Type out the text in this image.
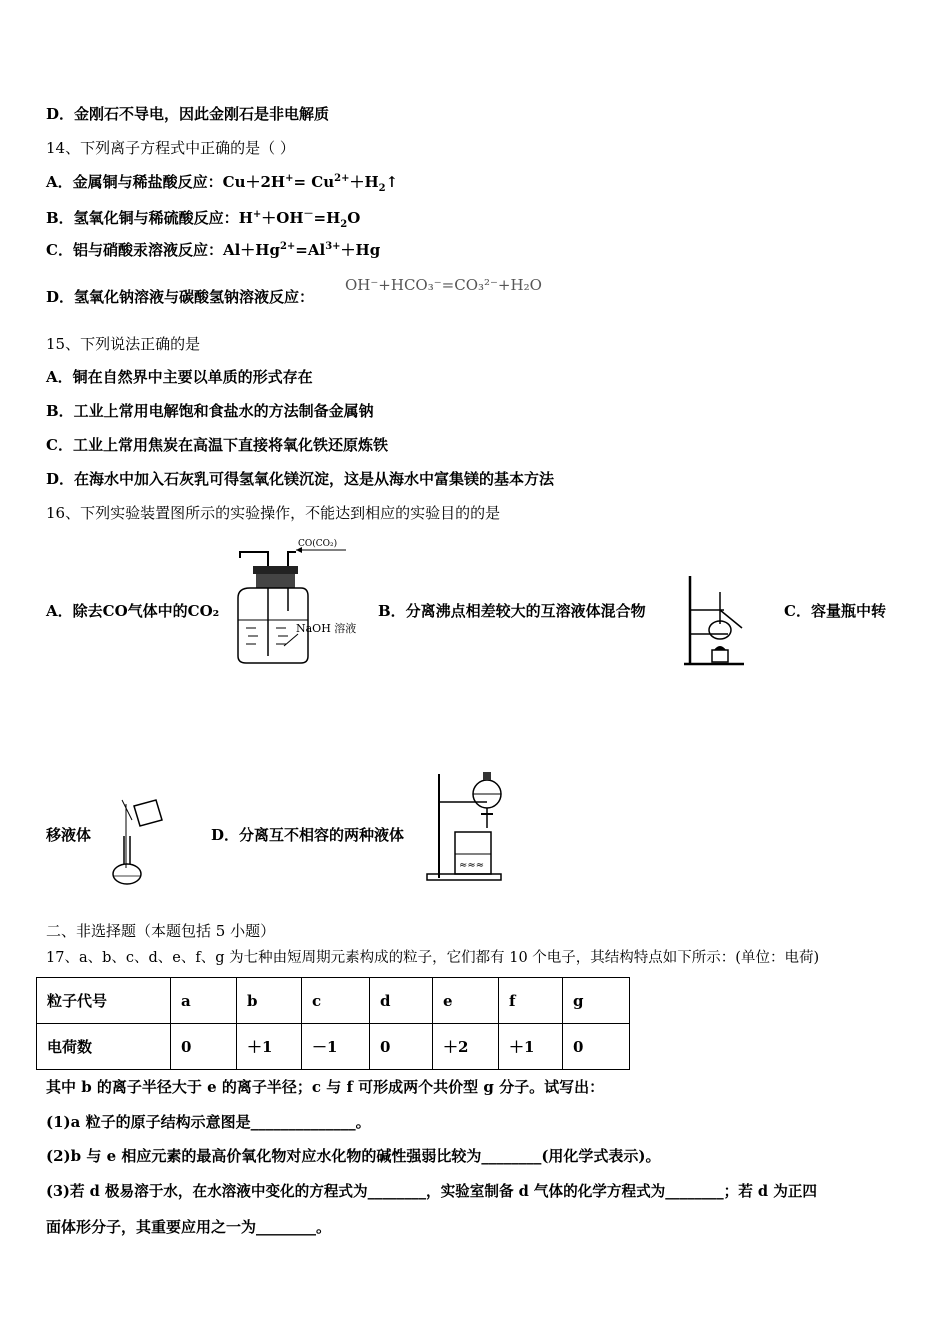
D．金刚石不导电，因此金刚石是非电解质
14、下列离子方程式中正确的是（ ）
A．金属铜与稀盐酸反应：$Cu+2H^+= Cu^{2+}+H_2↑$
B．氢氧化铜与稀硫酸反应：$H^++OH^-=H_2O$
C．铝与硝酸汞溶液反应：$Al+Hg^{2+}=Al^{3+}+Hg$
D．氢氧化钠溶液与碳酸氢钠溶液反应：
OH⁻+HCO₃⁻=CO₃²⁻+H₂O
15、下列说法正确的是
A．铜在自然界中主要以单质的形式存在
B．工业上常用电解饱和食盐水的方法制备金属钠
C．工业上常用焦炭在高温下直接将氧化铁还原炼铁
D．在海水中加入石灰乳可得氢氧化镁沉淀，这是从海水中富集镁的基本方法
16、下列实验装置图所示的实验操作，不能达到相应的实验目的的是
A．除去CO气体中的CO₂
CO(CO₂)
NaOH 溶液
B．分离沸点相差较大的互溶液体混合物	C．容量瓶中转
移液体	D．分离互不相容的两种液体
≈≈≈
二、非选择题（本题包括 5 小题）
17、a、b、c、d、e、f、g 为七种由短周期元素构成的粒子，它们都有 10 个电子，其结构特点如下所示：(单位：电荷)
粒子代号	a	b	c	d	e	f	g
电荷数	0	＋1	－1	0	＋2	＋1	0
其中 b 的离子半径大于 e 的离子半径；c 与 f 可形成两个共价型 g 分子。试写出：
(1)a 粒子的原子结构示意图是______________。
(2)b 与 e 相应元素的最高价氧化物对应水化物的碱性强弱比较为________(用化学式表示)。
(3)若 d 极易溶于水，在水溶液中变化的方程式为________，实验室制备 d 气体的化学方程式为________；若 d 为正四
面体形分子，其重要应用之一为________。
